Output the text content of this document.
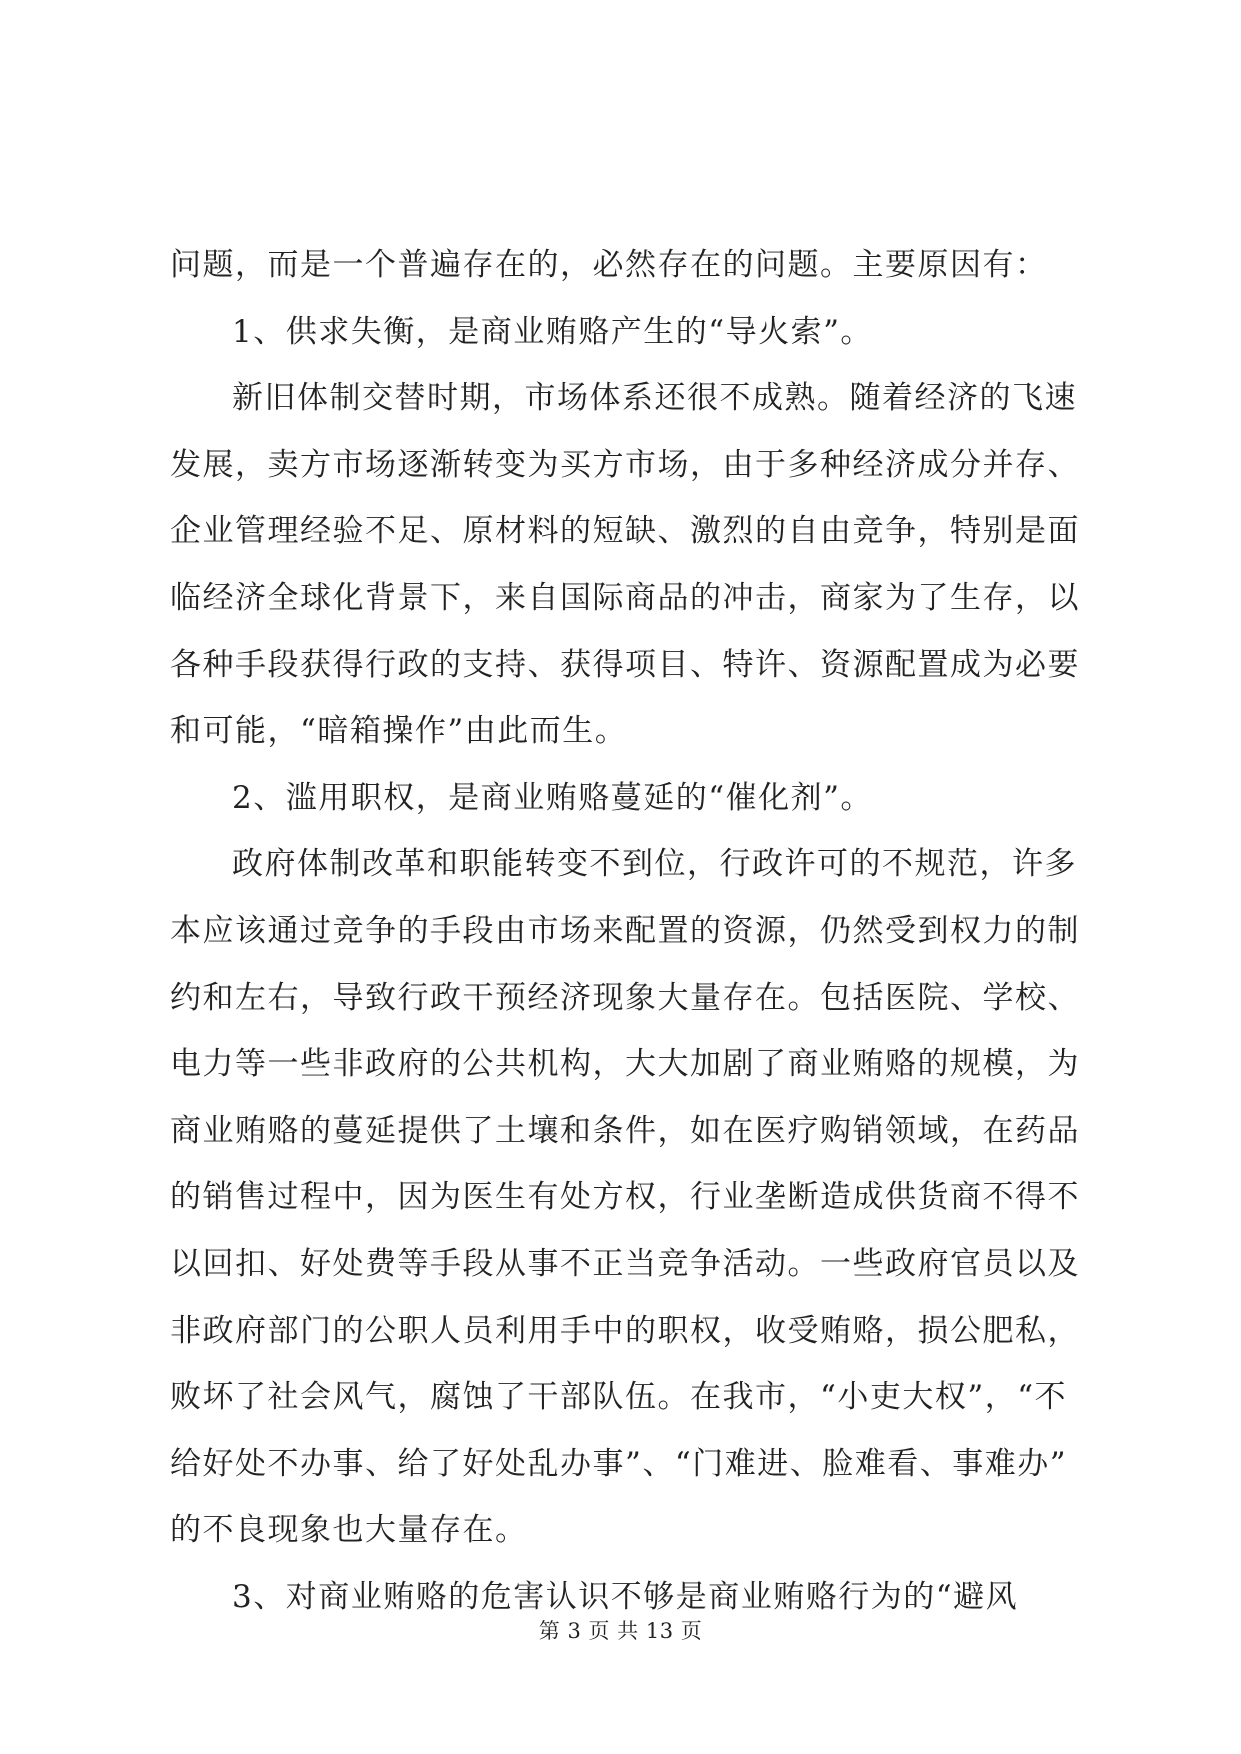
问题，而是一个普遍存在的，必然存在的问题。主要原因有：
1、供求失衡，是商业贿赂产生的“导火索”。
新旧体制交替时期，市场体系还很不成熟。随着经济的飞速
发展，卖方市场逐渐转变为买方市场，由于多种经济成分并存、
企业管理经验不足、原材料的短缺、激烈的自由竞争，特别是面
临经济全球化背景下，来自国际商品的冲击，商家为了生存，以
各种手段获得行政的支持、获得项目、特许、资源配置成为必要
和可能，“暗箱操作”由此而生。
2、滥用职权，是商业贿赂蔓延的“催化剂”。
政府体制改革和职能转变不到位，行政许可的不规范，许多
本应该通过竞争的手段由市场来配置的资源，仍然受到权力的制
约和左右，导致行政干预经济现象大量存在。包括医院、学校、
电力等一些非政府的公共机构，大大加剧了商业贿赂的规模，为
商业贿赂的蔓延提供了土壤和条件，如在医疗购销领域，在药品
的销售过程中，因为医生有处方权，行业垄断造成供货商不得不
以回扣、好处费等手段从事不正当竞争活动。一些政府官员以及
非政府部门的公职人员利用手中的职权，收受贿赂，损公肥私，
败坏了社会风气，腐蚀了干部队伍。在我市，“小吏大权”，“不
给好处不办事、给了好处乱办事”、“门难进、脸难看、事难办”
的不良现象也大量存在。
3、对商业贿赂的危害认识不够是商业贿赂行为的“避风
第 3 页 共 13 页
